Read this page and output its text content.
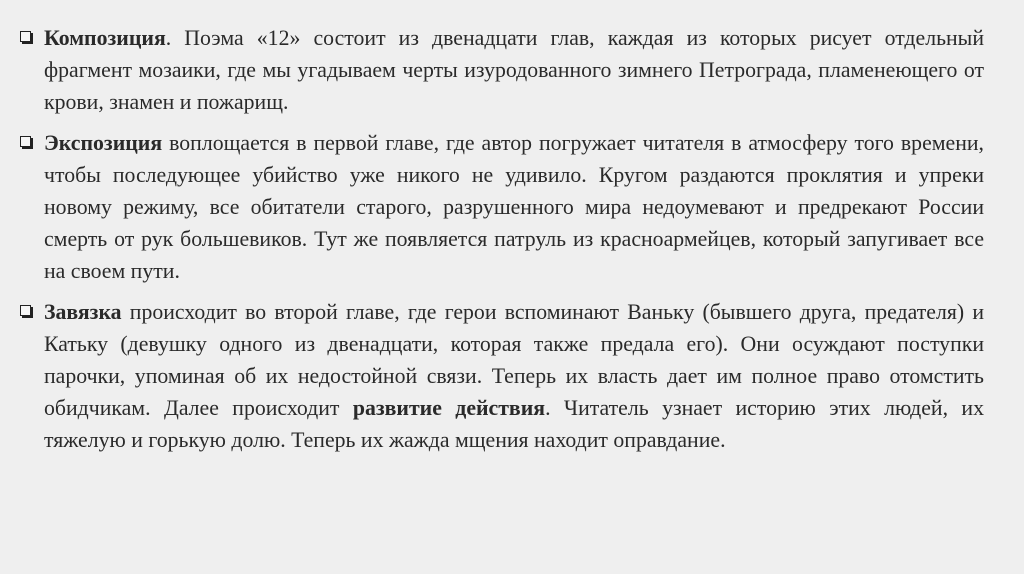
Композиция. Поэма «12» состоит из двенадцати глав, каждая из которых рисует отдельный фрагмент мозаики, где мы угадываем черты изуродованного зимнего Петрограда, пламенеющего от крови, знамен и пожарищ.

Экспозиция воплощается в первой главе, где автор погружает читателя в атмосферу того времени, чтобы последующее убийство уже никого не удивило. Кругом раздаются проклятия и упреки новому режиму, все обитатели старого, разрушенного мира недоумевают и предрекают России смерть от рук большевиков. Тут же появляется патруль из красноармейцев, который запугивает все на своем пути.

Завязка происходит во второй главе, где герои вспоминают Ваньку (бывшего друга, предателя) и Катьку (девушку одного из двенадцати, которая также предала его). Они осуждают поступки парочки, упоминая об их недостойной связи. Теперь их власть дает им полное право отомстить обидчикам. Далее происходит развитие действия. Читатель узнает историю этих людей, их тяжелую и горькую долю. Теперь их жажда мщения находит оправдание.
